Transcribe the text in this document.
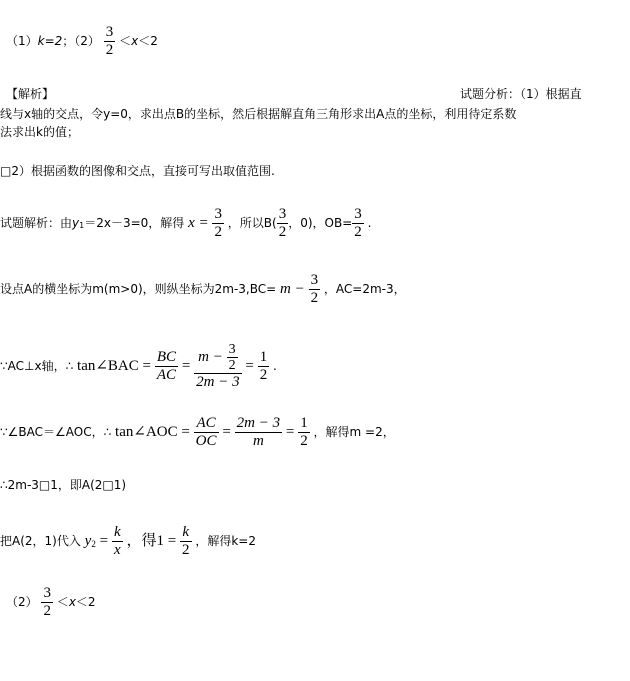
（1）k=2；$(2) \frac{3}{2} <x<2$
【解析】	试题分析：（1）根据直
线与x轴的交点，令y=0，求出点B的坐标，然后根据解直角三角形求出A点的坐标，利用待定系数
法求出k的值；
□2）根据函数的图像和交点，直接可写出取值范围.
试题解析：由y1＝2x－3=0，解得 $x = \frac{3}{2}$ ，所以$B( \frac{3}{2}$ ，0)，$OB= \frac{3}{2}$ .
设点A的横坐标为m(m>0)，则纵坐标为$2m-3,BC= m - \frac{3}{2}$ ，AC=2m-3，
∵AC⊥x轴，∴ tan∠BAC = $\frac{BC}{AC} = \frac{m - \frac{3}{2}}{2m - 3} = \frac{1}{2}$ .
∵∠BAC＝∠AOC，∴ tan∠AOC = $\frac{AC}{OC} = \frac{2m - 3}{m} = \frac{1}{2}$ ，解得m =2，
∴2m-3□1，即A(2□1)
把A(2，1)代入 $y_2 = \frac{k}{x}$ ，得$1 = \frac{k}{2}$ ，解得k=2
$(2) \frac{3}{2} <x<2$
